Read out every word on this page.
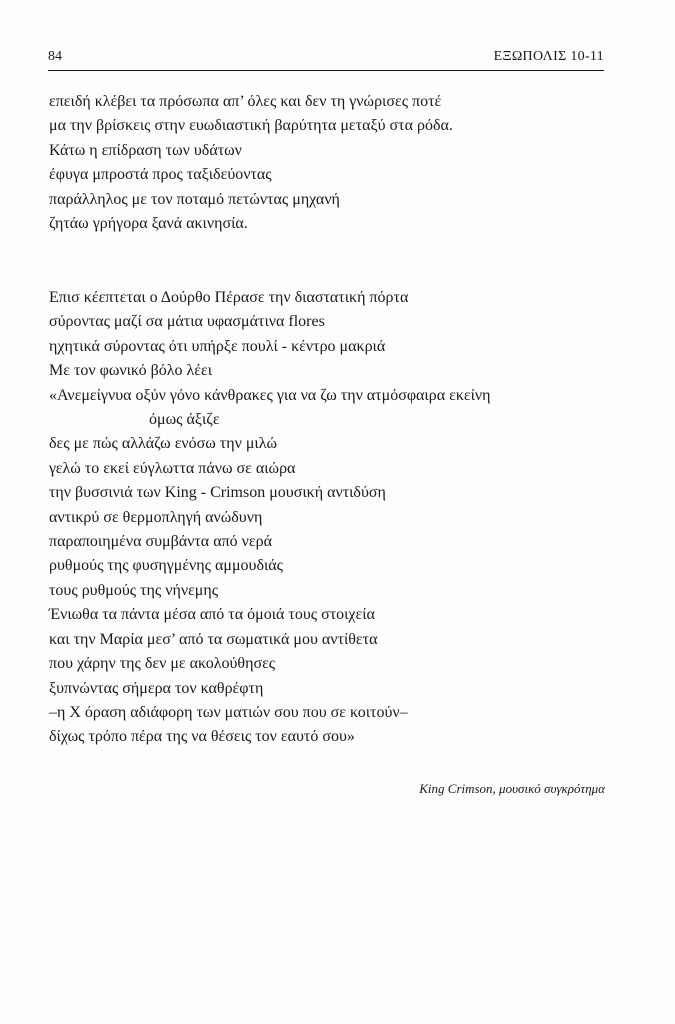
84	ΕΞΩΠΟΛΙΣ 10-11
επειδή κλέβει τα πρόσωπα απ’ όλες και δεν τη γνώρισες ποτέ
μα την βρίσκεις στην ευωδιαστική βαρύτητα μεταξύ στα ρόδα.
Κάτω η επίδραση των υδάτων
έφυγα μπροστά προς ταξιδεύοντας
παράλληλος με τον ποταμό πετώντας μηχανή
ζητάω γρήγορα ξανά ακινησία.
Επισ κέεπτεται ο Δούρθο Πέρασε την διαστατική πόρτα
σύροντας μαζί σα μάτια υφασμάτινα flores
ηχητικά σύροντας ότι υπήρξε πουλί - κέντρο μακριά
Με τον φωνικό βόλο λέει
«Ανεμείγνυα οξύν γόνο κάνθρακες για να ζω την ατμόσφαιρα εκείνη
όμως άξιζε
δες με πώς αλλάζω ενόσω την μιλώ
γελώ το εκεί εύγλωττα πάνω σε αιώρα
την βυσσινιά των King - Crimson μουσική αντιδύση
αντικρύ σε θερμοπληγή ανώδυνη
παραποιημένα συμβάντα από νερά
ρυθμούς της φυσηγμένης αμμουδιάς
τους ρυθμούς της νήνεμης
Ένιωθα τα πάντα μέσα από τα όμοιά τους στοιχεία
και την Μαρία μεσ’ από τα σωματικά μου αντίθετα
που χάρην της δεν με ακολούθησες
ξυπνώντας σήμερα τον καθρέφτη
–η Χ όραση αδιάφορη των ματιών σου που σε κοιτούν–
δίχως τρόπο πέρα της να θέσεις τον εαυτό σου»
King Crimson, μουσικό συγκρότημα
